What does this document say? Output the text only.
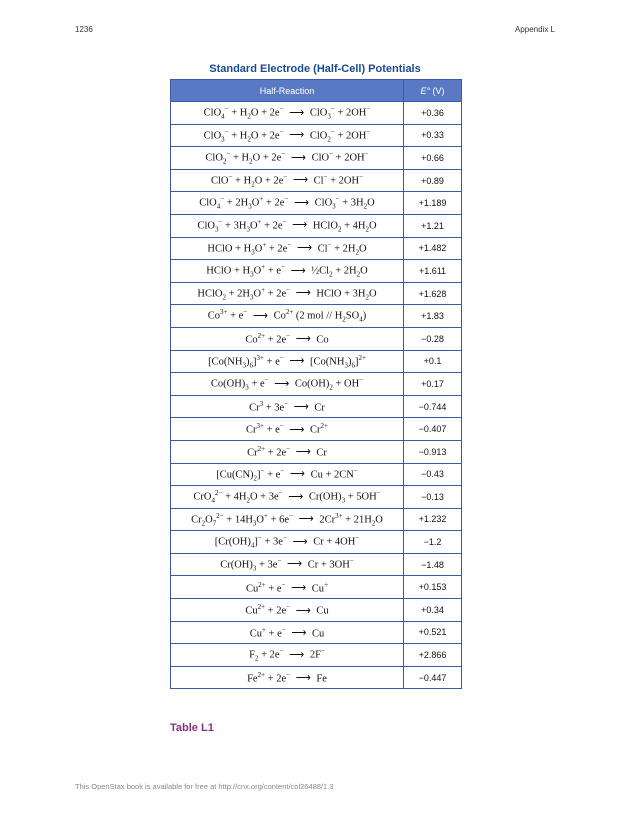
1236	Appendix L
Standard Electrode (Half-Cell) Potentials
Half-Reaction	E° (V)
$ClO_4^- + H_2O + 2e^-$ ⟶ ClO$_3$− + 2OH−	+0.36
$ClO_3^- + H_2O + 2e^-$ ⟶ ClO$_2$− + 2OH−	+0.33
$ClO_2^- + H_2O + 2e^-$ ⟶ ClO− + 2OH−	+0.66
$ClO^- + H_2O + 2e^-$ ⟶ Cl− + 2OH−	+0.89
$ClO_4^- + 2H_3O^+ + 2e^-$ ⟶ $ClO_3^- + 3H_2O$	+1.189
$ClO_3^- + 3H_3O^+ + 2e^-$ ⟶ HClO$_2$ + $4H_2O$	+1.21
HClO + $H_3O^+ + 2e^-$ ⟶ $Cl^- + 2H_2O$	+1.482
HClO + $H_3O^+ + e^-$ ⟶ $\frac{1}{2}Cl_2 + 2H_2O$	+1.611
HClO$_2$ + $2H_3O^+ + 2e^-$ ⟶ HClO + $3H_2O$	+1.628
$Co^{3+} + e^-$ ⟶ $Co^{2+}$ (2 mol // $H_2SO_4$)	+1.83
$Co^{2+} + 2e^-$ ⟶ Co	−0.28
$[Co(NH_3)_6]^{3+} + e^-$ ⟶ $[Co(NH_3)_6]^{2+}$	+0.1
$Co(OH)_3 + e^-$ ⟶ $Co(OH)_2 + OH^-$	+0.17
$Cr^3 + 3e^-$ ⟶ Cr	−0.744
$Cr^{3+} + e^-$ ⟶ $Cr^{2+}$	−0.407
$Cr^{2+} + 2e^-$ ⟶ Cr	−0.913
$[Cu(CN)_2]^- + e^-$ ⟶ Cu + 2CN−	−0.43
$CrO_4^{2-} + 4H_2O + 3e^-$ ⟶ $Cr(OH)_3 + 5OH^-$	−0.13
$Cr_2O_7^{2-} + 14H_3O^+ + 6e^-$ ⟶ $2Cr^{3+} + 21H_2O$	+1.232
$[Cr(OH)_4]^- + 3e^-$ ⟶ Cr + 4OH−	−1.2
$Cr(OH)_3 + 3e^-$ ⟶ Cr + 3OH−	−1.48
$Cu^{2+} + e^-$ ⟶ Cu+	+0.153
$Cu^{2+} + 2e^-$ ⟶ Cu	+0.34
Cu+ + e− ⟶ Cu	+0.521
$F_2 + 2e^-$ ⟶ 2F−	+2.866
$Fe^{2+} + 2e^-$ ⟶ Fe	−0.447
Table L1
This OpenStax book is available for free at http://cnx.org/content/col26488/1.3
